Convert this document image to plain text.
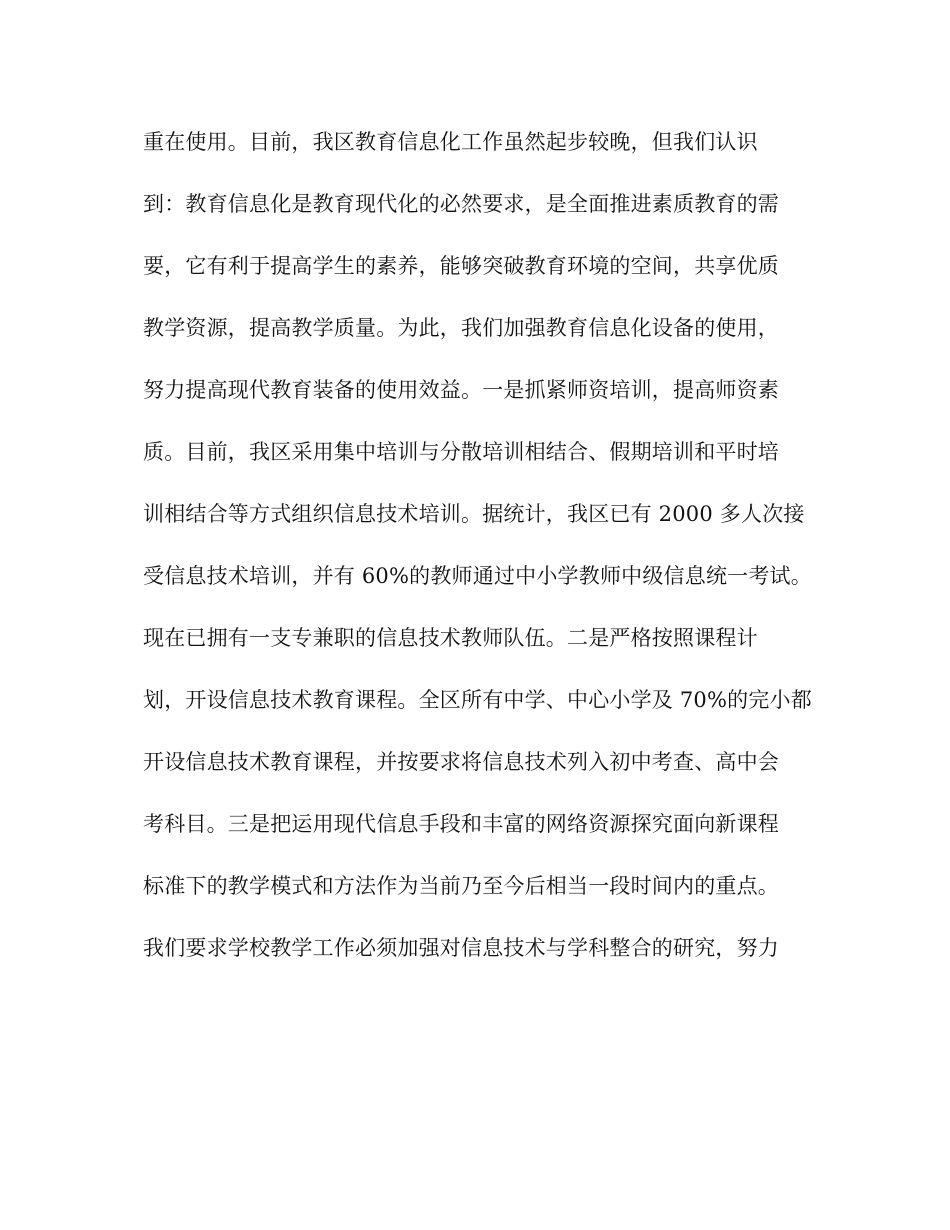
重在使用。目前，我区教育信息化工作虽然起步较晚，但我们认识
到：教育信息化是教育现代化的必然要求，是全面推进素质教育的需
要，它有利于提高学生的素养，能够突破教育环境的空间，共享优质
教学资源，提高教学质量。为此，我们加强教育信息化设备的使用，
努力提高现代教育装备的使用效益。一是抓紧师资培训，提高师资素
质。目前，我区采用集中培训与分散培训相结合、假期培训和平时培
训相结合等方式组织信息技术培训。据统计，我区已有 2000 多人次接
受信息技术培训，并有 60%的教师通过中小学教师中级信息统一考试。
现在已拥有一支专兼职的信息技术教师队伍。二是严格按照课程计
划，开设信息技术教育课程。全区所有中学、中心小学及 70%的完小都
开设信息技术教育课程，并按要求将信息技术列入初中考查、高中会
考科目。三是把运用现代信息手段和丰富的网络资源探究面向新课程
标准下的教学模式和方法作为当前乃至今后相当一段时间内的重点。
我们要求学校教学工作必须加强对信息技术与学科整合的研究，努力
